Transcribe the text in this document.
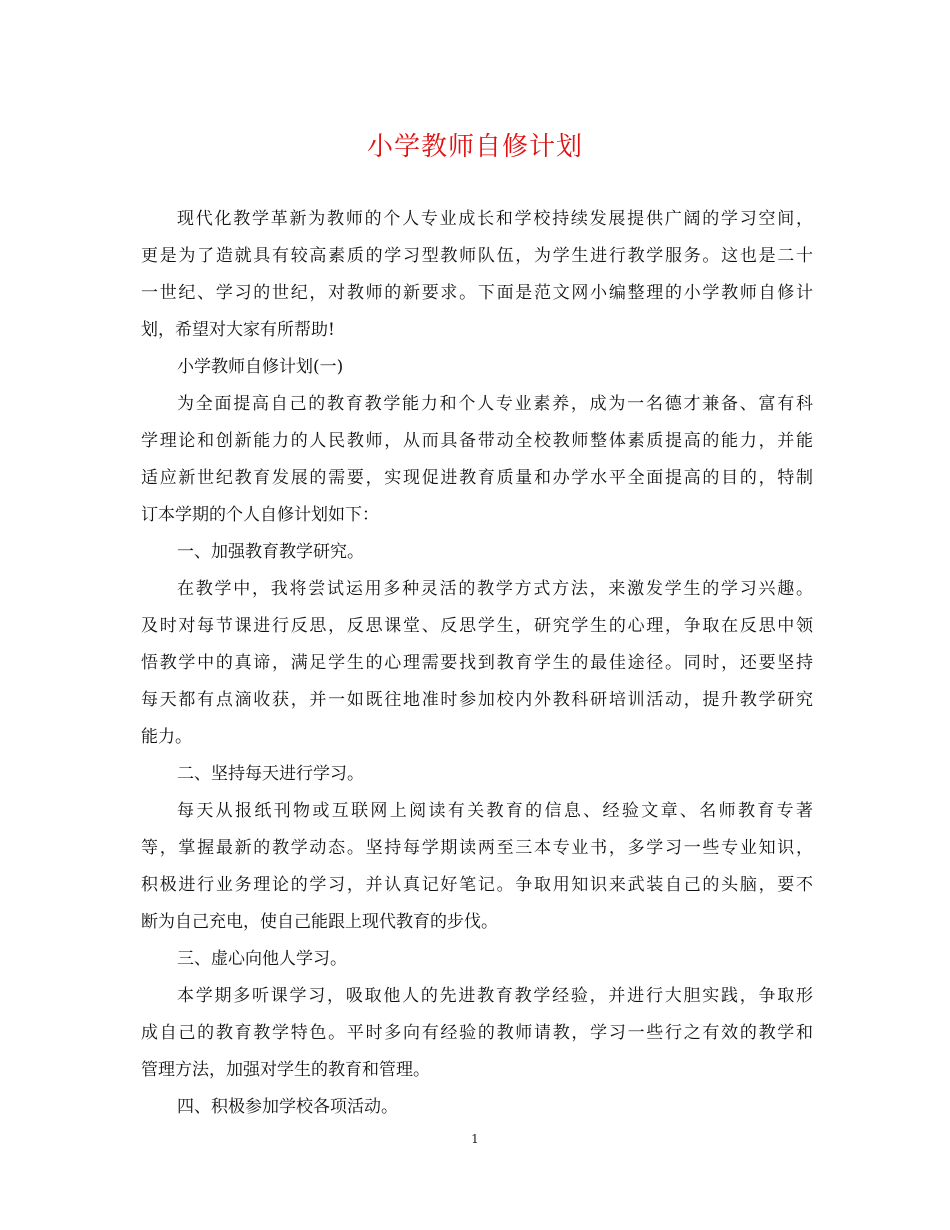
小学教师自修计划
现代化教学革新为教师的个人专业成长和学校持续发展提供广阔的学习空间，
更是为了造就具有较高素质的学习型教师队伍，为学生进行教学服务。这也是二十
一世纪、学习的世纪，对教师的新要求。下面是范文网小编整理的小学教师自修计
划，希望对大家有所帮助!
小学教师自修计划(一)
为全面提高自己的教育教学能力和个人专业素养，成为一名德才兼备、富有科
学理论和创新能力的人民教师，从而具备带动全校教师整体素质提高的能力，并能
适应新世纪教育发展的需要，实现促进教育质量和办学水平全面提高的目的，特制
订本学期的个人自修计划如下：
一、加强教育教学研究。
在教学中，我将尝试运用多种灵活的教学方式方法，来激发学生的学习兴趣。
及时对每节课进行反思，反思课堂、反思学生，研究学生的心理，争取在反思中领
悟教学中的真谛，满足学生的心理需要找到教育学生的最佳途径。同时，还要坚持
每天都有点滴收获，并一如既往地准时参加校内外教科研培训活动，提升教学研究
能力。
二、坚持每天进行学习。
每天从报纸刊物或互联网上阅读有关教育的信息、经验文章、名师教育专著
等，掌握最新的教学动态。坚持每学期读两至三本专业书，多学习一些专业知识，
积极进行业务理论的学习，并认真记好笔记。争取用知识来武装自己的头脑，要不
断为自己充电，使自己能跟上现代教育的步伐。
三、虚心向他人学习。
本学期多听课学习，吸取他人的先进教育教学经验，并进行大胆实践，争取形
成自己的教育教学特色。平时多向有经验的教师请教，学习一些行之有效的教学和
管理方法，加强对学生的教育和管理。
四、积极参加学校各项活动。
1
